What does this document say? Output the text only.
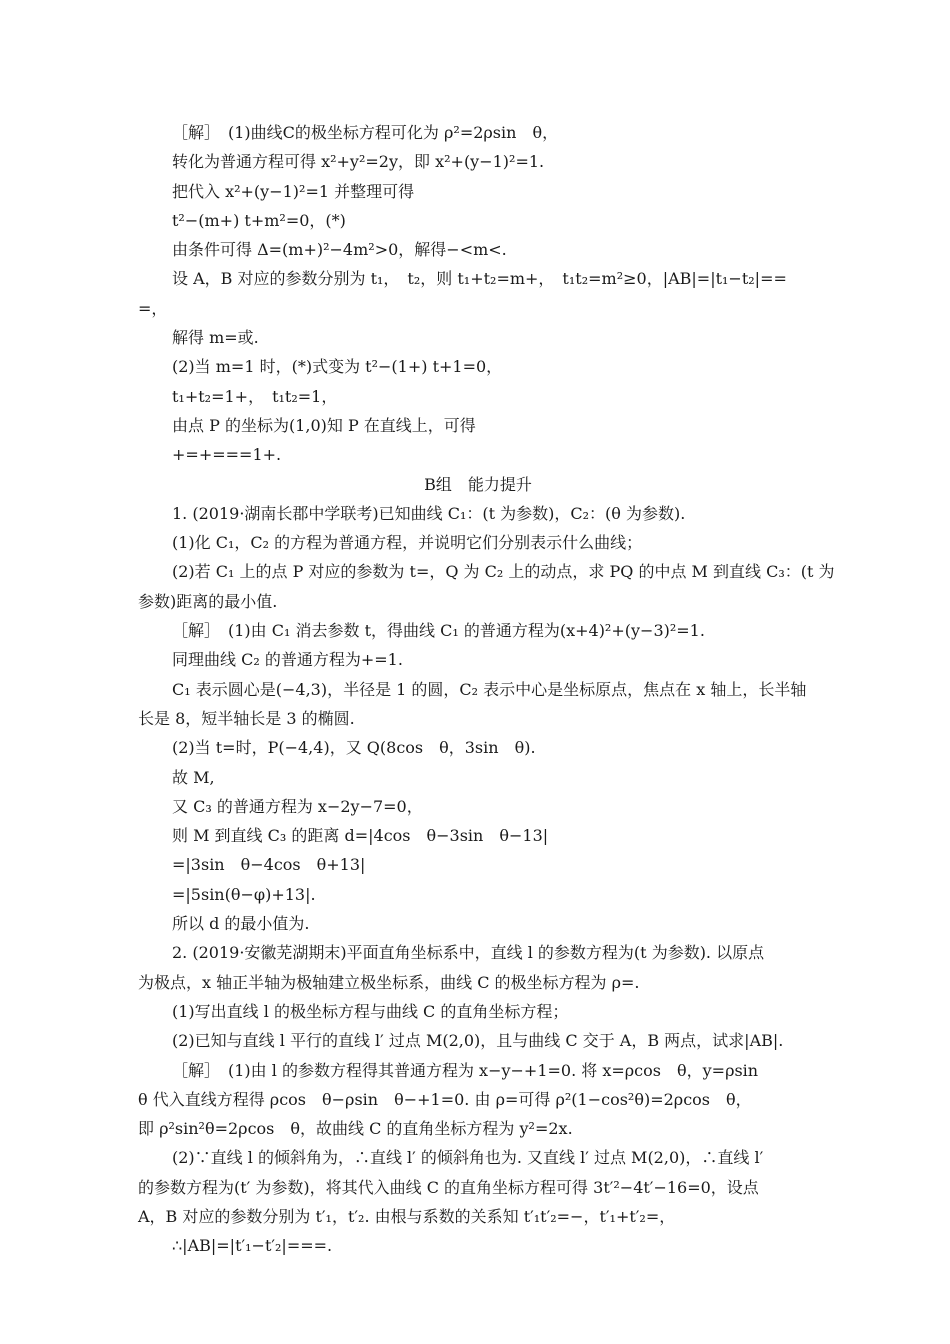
［解］　(1)曲线C的极坐标方程可化为 ρ²=2ρsin　θ，
转化为普通方程可得 x²+y²=2y，即 x²+(y−1)²=1.
把代入 x²+(y−1)²=1 并整理可得
t²−(m+) t+m²=0，(*)
由条件可得 Δ=(m+)²−4m²>0，解得−<m<.
设 A，B 对应的参数分别为 t₁，　t₂，则 t₁+t₂=m+，　t₁t₂=m²≥0，|AB|=|t₁−t₂|==
=，
解得 m=或.
(2)当 m=1 时，(*)式变为 t²−(1+) t+1=0，
t₁+t₂=1+，　t₁t₂=1，
由点 P 的坐标为(1,0)知 P 在直线上，可得
+=+===1+.
B组　能力提升
1. (2019·湖南长郡中学联考)已知曲线 C₁：(t 为参数)，C₂：(θ 为参数).
(1)化 C₁，C₂ 的方程为普通方程，并说明它们分别表示什么曲线；
(2)若 C₁ 上的点 P 对应的参数为 t=，Q 为 C₂ 上的动点，求 PQ 的中点 M 到直线 C₃：(t 为
参数)距离的最小值.
［解］　(1)由 C₁ 消去参数 t，得曲线 C₁ 的普通方程为(x+4)²+(y−3)²=1.
同理曲线 C₂ 的普通方程为+=1.
C₁ 表示圆心是(−4,3)，半径是 1 的圆，C₂ 表示中心是坐标原点，焦点在 x 轴上，长半轴
长是 8，短半轴长是 3 的椭圆.
(2)当 t=时，P(−4,4)，又 Q(8cos　θ，3sin　θ).
故 M,
又 C₃ 的普通方程为 x−2y−7=0，
则 M 到直线 C₃ 的距离 d=|4cos　θ−3sin　θ−13|
=|3sin　θ−4cos　θ+13|
=|5sin(θ−φ)+13|.
所以 d 的最小值为.
2. (2019·安徽芜湖期末)平面直角坐标系中，直线 l 的参数方程为(t 为参数). 以原点
为极点，x 轴正半轴为极轴建立极坐标系，曲线 C 的极坐标方程为 ρ=.
(1)写出直线 l 的极坐标方程与曲线 C 的直角坐标方程；
(2)已知与直线 l 平行的直线 l′ 过点 M(2,0)，且与曲线 C 交于 A，B 两点，试求|AB|.
［解］　(1)由 l 的参数方程得其普通方程为 x−y−+1=0. 将 x=ρcos　θ，y=ρsin
θ 代入直线方程得 ρcos　θ−ρsin　θ−+1=0. 由 ρ=可得 ρ²(1−cos²θ)=2ρcos　θ，
即 ρ²sin²θ=2ρcos　θ，故曲线 C 的直角坐标方程为 y²=2x.
(2)∵直线 l 的倾斜角为，∴直线 l′ 的倾斜角也为. 又直线 l′ 过点 M(2,0)，∴直线 l′
的参数方程为(t′ 为参数)，将其代入曲线 C 的直角坐标方程可得 3t′²−4t′−16=0，设点
A，B 对应的参数分别为 t′₁，t′₂. 由根与系数的关系知 t′₁t′₂=−，t′₁+t′₂=，
∴|AB|=|t′₁−t′₂|===.
